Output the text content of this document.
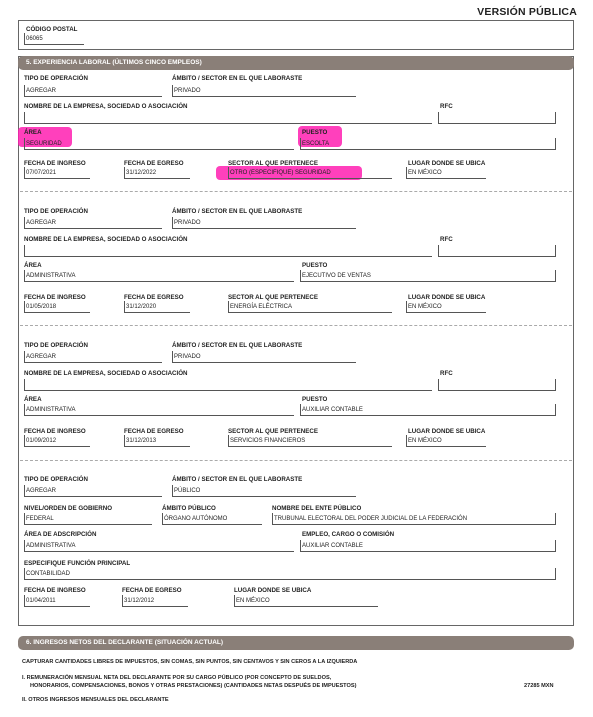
VERSIÓN PÚBLICA
CÓDIGO POSTAL
06065
5. EXPERIENCIA LABORAL (ÚLTIMOS CINCO EMPLEOS)
TIPO DE OPERACIÓN
AGREGAR
ÁMBITO / SECTOR EN EL QUE LABORASTE
PRIVADO
NOMBRE DE LA EMPRESA, SOCIEDAD O ASOCIACIÓN	RFC
ÁREA
SEGURIDAD
PUESTO
ESCOLTA
FECHA DE INGRESO
07/07/2021
FECHA DE EGRESO
31/12/2022
SECTOR AL QUE PERTENECE
OTRO (ESPECIFIQUE) SEGURIDAD
LUGAR DONDE SE UBICA
EN MÉXICO
TIPO DE OPERACIÓN
AGREGAR
ÁMBITO / SECTOR EN EL QUE LABORASTE
PRIVADO
NOMBRE DE LA EMPRESA, SOCIEDAD O ASOCIACIÓN	RFC
ÁREA
ADMINISTRATIVA
PUESTO
EJECUTIVO DE VENTAS
FECHA DE INGRESO
01/05/2018
FECHA DE EGRESO
31/12/2020
SECTOR AL QUE PERTENECE
ENERGÍA ELÉCTRICA
LUGAR DONDE SE UBICA
EN MÉXICO
TIPO DE OPERACIÓN
AGREGAR
ÁMBITO / SECTOR EN EL QUE LABORASTE
PRIVADO
NOMBRE DE LA EMPRESA, SOCIEDAD O ASOCIACIÓN	RFC
ÁREA
ADMINISTRATIVA
PUESTO
AUXILIAR CONTABLE
FECHA DE INGRESO
01/09/2012
FECHA DE EGRESO
31/12/2013
SECTOR AL QUE PERTENECE
SERVICIOS FINANCIEROS
LUGAR DONDE SE UBICA
EN MÉXICO
TIPO DE OPERACIÓN
AGREGAR
ÁMBITO / SECTOR EN EL QUE LABORASTE
PÚBLICO
NIVEL/ORDEN DE GOBIERNO
FEDERAL
ÁMBITO PÚBLICO
ÓRGANO AUTÓNOMO
NOMBRE DEL ENTE PÚBLICO
TRUBUNAL ELECTORAL DEL PODER JUDICIAL DE LA FEDERACIÓN
ÁREA DE ADSCRIPCIÓN
ADMINISTRATIVA
EMPLEO, CARGO O COMISIÓN
AUXILIAR CONTABLE
ESPECIFIQUE FUNCIÓN PRINCIPAL
CONTABILIDAD
FECHA DE INGRESO
01/04/2011
FECHA DE EGRESO
31/12/2012
LUGAR DONDE SE UBICA
EN MÉXICO
6. INGRESOS NETOS DEL DECLARANTE (SITUACIÓN ACTUAL)
CAPTURAR CANTIDADES LIBRES DE IMPUESTOS, SIN COMAS, SIN PUNTOS, SIN CENTAVOS Y SIN CEROS A LA IZQUIERDA
I. REMUNERACIÓN MENSUAL NETA DEL DECLARANTE POR SU CARGO PÚBLICO (POR CONCEPTO DE SUELDOS,
HONORARIOS, COMPENSACIONES, BONOS Y OTRAS PRESTACIONES) (CANTIDADES NETAS DESPUÉS DE IMPUESTOS)	27285 MXN
II. OTROS INGRESOS MENSUALES DEL DECLARANTE
